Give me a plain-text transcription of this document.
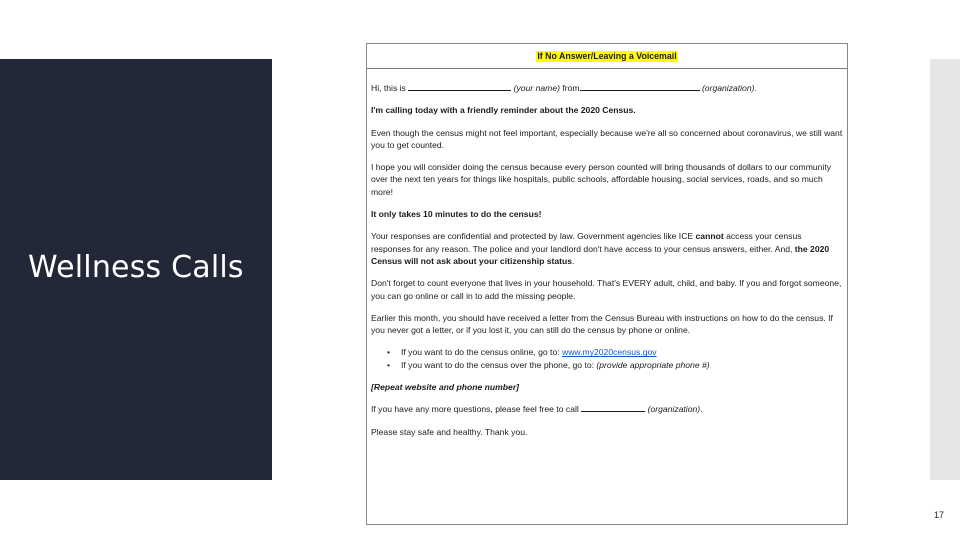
Wellness Calls
If No Answer/Leaving a Voicemail

Hi, this is	(your name) from	(organization).

I'm calling today with a friendly reminder about the 2020 Census.

Even though the census might not feel important, especially because we're all so concerned about coronavirus, we still want you to get counted.

I hope you will consider doing the census because every person counted will bring thousands of dollars to our community over the next ten years for things like hospitals, public schools, affordable housing, social services, roads, and so much more!

It only takes 10 minutes to do the census!

Your responses are confidential and protected by law. Government agencies like ICE cannot access your census responses for any reason. The police and your landlord don't have access to your census answers, either. And, the 2020 Census will not ask about your citizenship status.

Don't forget to count everyone that lives in your household. That's EVERY adult, child, and baby. If you and forgot someone, you can go online or call in to add the missing people.

Earlier this month, you should have received a letter from the Census Bureau with instructions on how to do the census. If you never got a letter, or if you lost it, you can still do the census by phone or online.

• If you want to do the census online, go to: www.my2020census.gov
• If you want to do the census over the phone, go to: (provide appropriate phone #)

[Repeat website and phone number]

If you have any more questions, please feel free to call	(organization).

Please stay safe and healthy. Thank you.

17
